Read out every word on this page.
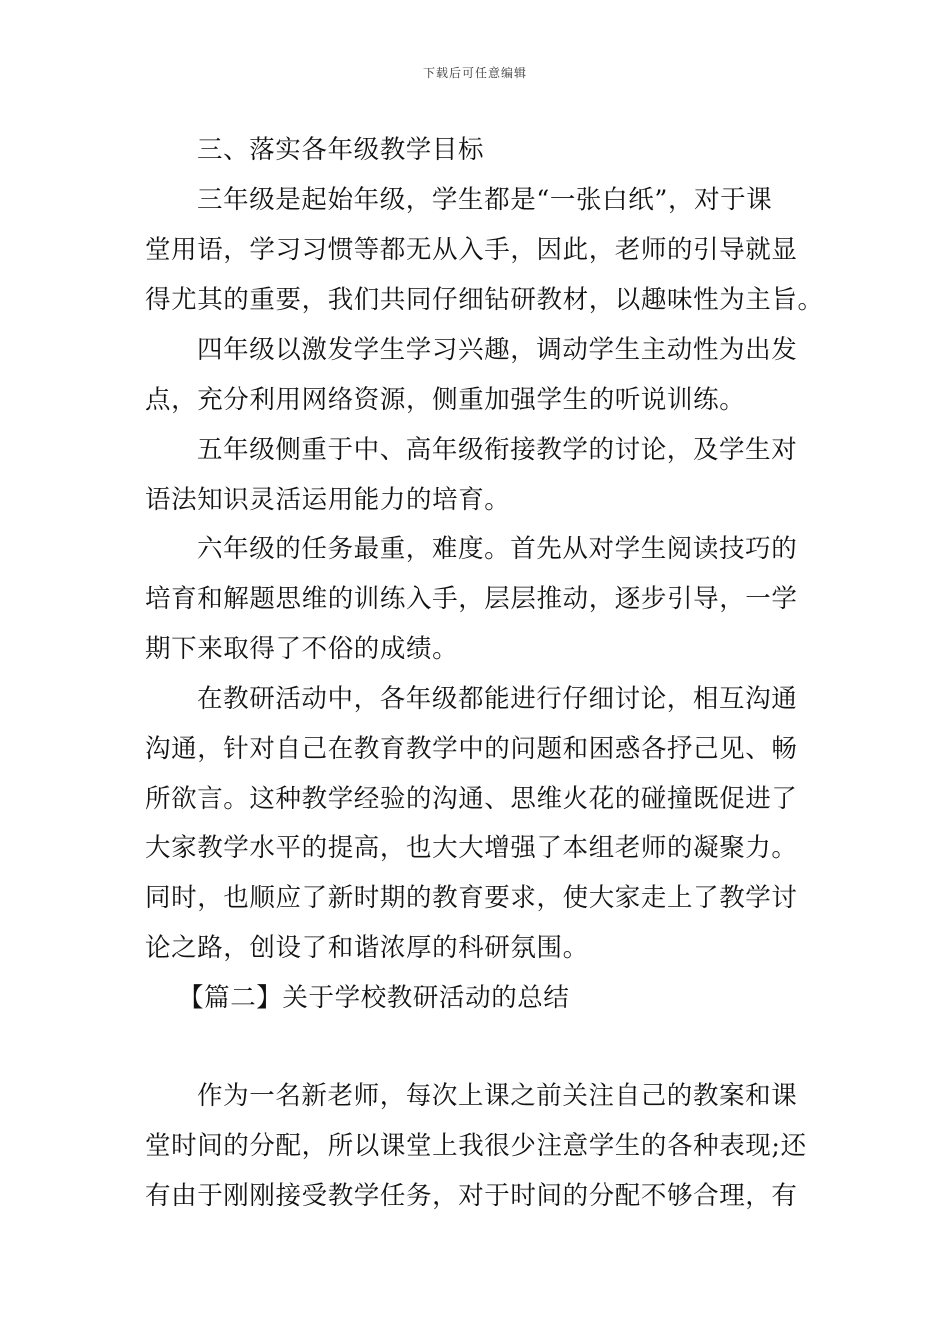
下载后可任意编辑
三、落实各年级教学目标
三年级是起始年级，学生都是“一张白纸”，对于课
堂用语，学习习惯等都无从入手，因此，老师的引导就显
得尤其的重要，我们共同仔细钻研教材，以趣味性为主旨。
四年级以激发学生学习兴趣，调动学生主动性为出发
点，充分利用网络资源，侧重加强学生的听说训练。
五年级侧重于中、高年级衔接教学的讨论，及学生对
语法知识灵活运用能力的培育。
六年级的任务最重，难度。首先从对学生阅读技巧的
培育和解题思维的训练入手，层层推动，逐步引导，一学
期下来取得了不俗的成绩。
在教研活动中，各年级都能进行仔细讨论，相互沟通
沟通，针对自己在教育教学中的问题和困惑各抒己见、畅
所欲言。这种教学经验的沟通、思维火花的碰撞既促进了
大家教学水平的提高，也大大增强了本组老师的凝聚力。
同时，也顺应了新时期的教育要求，使大家走上了教学讨
论之路，创设了和谐浓厚的科研氛围。
【篇二】关于学校教研活动的总结
作为一名新老师，每次上课之前关注自己的教案和课
堂时间的分配，所以课堂上我很少注意学生的各种表现;还
有由于刚刚接受教学任务，对于时间的分配不够合理，有
